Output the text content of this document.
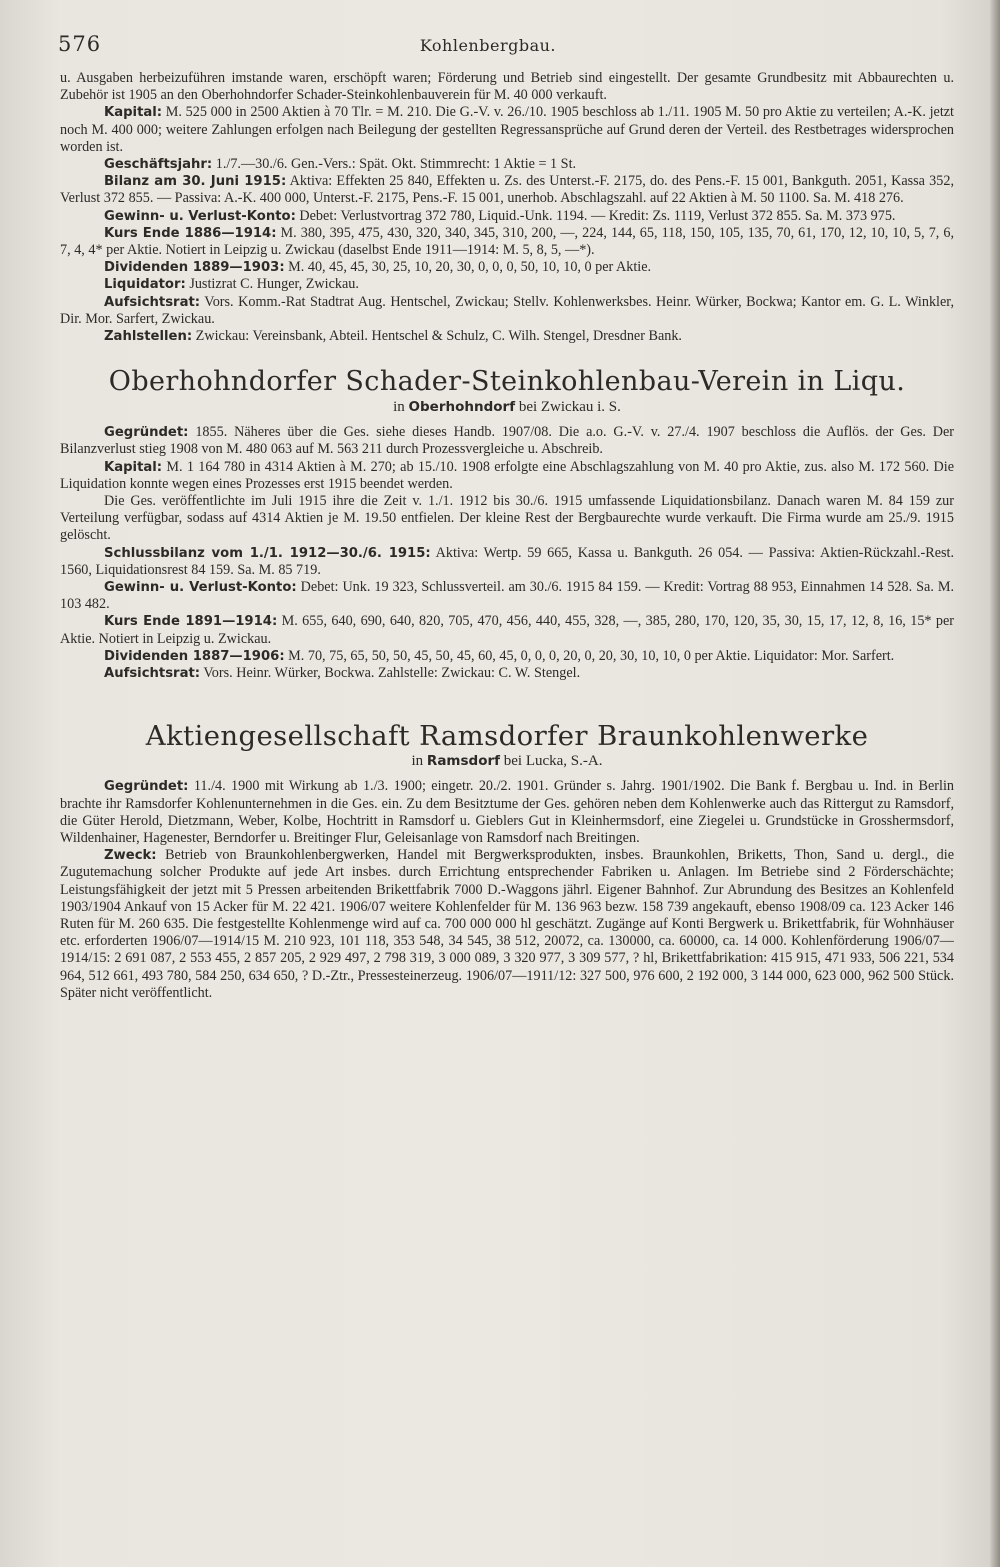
576	Kohlenbergbau.

u. Ausgaben herbeizuführen imstande waren, erschöpft waren; Förderung und Betrieb sind eingestellt. Der gesamte Grundbesitz mit Abbaurechten u. Zubehör ist 1905 an den Oberhohndorfer Schader-Steinkohlenbauverein für M. 40 000 verkauft.

Kapital: M. 525 000 in 2500 Aktien à 70 Tlr. = M. 210. Die G.-V. v. 26./10. 1905 beschloss ab 1./11. 1905 M. 50 pro Aktie zu verteilen; A.-K. jetzt noch M. 400 000; weitere Zahlungen erfolgen nach Beilegung der gestellten Regressansprüche auf Grund deren der Verteil. des Restbetrages widersprochen worden ist.

Geschäftsjahr: 1./7.—30./6. Gen.-Vers.: Spät. Okt. Stimmrecht: 1 Aktie = 1 St.

Bilanz am 30. Juni 1915: Aktiva: Effekten 25 840, Effekten u. Zs. des Unterst.-F. 2175, do. des Pens.-F. 15 001, Bankguth. 2051, Kassa 352, Verlust 372 855. — Passiva: A.-K. 400 000, Unterst.-F. 2175, Pens.-F. 15 001, unerhob. Abschlagszahl. auf 22 Aktien à M. 50 1100. Sa. M. 418 276.

Gewinn- u. Verlust-Konto: Debet: Verlustvortrag 372 780, Liquid.-Unk. 1194. — Kredit: Zs. 1119, Verlust 372 855. Sa. M. 373 975.

Kurs Ende 1886—1914: M. 380, 395, 475, 430, 320, 340, 345, 310, 200, —, 224, 144, 65, 118, 150, 105, 135, 70, 61, 170, 12, 10, 10, 5, 7, 6, 7, 4, 4* per Aktie. Notiert in Leipzig u. Zwickau (daselbst Ende 1911—1914: M. 5, 8, 5, —*).

Dividenden 1889—1903: M. 40, 45, 45, 30, 25, 10, 20, 30, 0, 0, 0, 50, 10, 10, 0 per Aktie.

Liquidator: Justizrat C. Hunger, Zwickau.

Aufsichtsrat: Vors. Komm.-Rat Stadtrat Aug. Hentschel, Zwickau; Stellv. Kohlenwerksbes. Heinr. Würker, Bockwa; Kantor em. G. L. Winkler, Dir. Mor. Sarfert, Zwickau.

Zahlstellen: Zwickau: Vereinsbank, Abteil. Hentschel & Schulz, C. Wilh. Stengel, Dresdner Bank.

Oberhohndorfer Schader-Steinkohlenbau-Verein in Liqu.
in Oberhohndorf bei Zwickau i. S.

Gegründet: 1855. Näheres über die Ges. siehe dieses Handb. 1907/08. Die a.o. G.-V. v. 27./4. 1907 beschloss die Auflös. der Ges. Der Bilanzverlust stieg 1908 von M. 480 063 auf M. 563 211 durch Prozessvergleiche u. Abschreib.

Kapital: M. 1 164 780 in 4314 Aktien à M. 270; ab 15./10. 1908 erfolgte eine Abschlagszahlung von M. 40 pro Aktie, zus. also M. 172 560. Die Liquidation konnte wegen eines Prozesses erst 1915 beendet werden.

Die Ges. veröffentlichte im Juli 1915 ihre die Zeit v. 1./1. 1912 bis 30./6. 1915 umfassende Liquidationsbilanz. Danach waren M. 84 159 zur Verteilung verfügbar, sodass auf 4314 Aktien je M. 19.50 entfielen. Der kleine Rest der Bergbaurechte wurde verkauft. Die Firma wurde am 25./9. 1915 gelöscht.

Schlussbilanz vom 1./1. 1912—30./6. 1915: Aktiva: Wertp. 59 665, Kassa u. Bankguth. 26 054. — Passiva: Aktien-Rückzahl.-Rest. 1560, Liquidationsrest 84 159. Sa. M. 85 719.

Gewinn- u. Verlust-Konto: Debet: Unk. 19 323, Schlussverteil. am 30./6. 1915 84 159. — Kredit: Vortrag 88 953, Einnahmen 14 528. Sa. M. 103 482.

Kurs Ende 1891—1914: M. 655, 640, 690, 640, 820, 705, 470, 456, 440, 455, 328, —, 385, 280, 170, 120, 35, 30, 15, 17, 12, 8, 16, 15* per Aktie. Notiert in Leipzig u. Zwickau.

Dividenden 1887—1906: M. 70, 75, 65, 50, 50, 45, 50, 45, 60, 45, 0, 0, 0, 20, 0, 20, 30, 10, 10, 0 per Aktie. Liquidator: Mor. Sarfert.

Aufsichtsrat: Vors. Heinr. Würker, Bockwa. Zahlstelle: Zwickau: C. W. Stengel.

Aktiengesellschaft Ramsdorfer Braunkohlenwerke
in Ramsdorf bei Lucka, S.-A.

Gegründet: 11./4. 1900 mit Wirkung ab 1./3. 1900; eingetr. 20./2. 1901. Gründer s. Jahrg. 1901/1902. Die Bank f. Bergbau u. Ind. in Berlin brachte ihr Ramsdorfer Kohlenunternehmen in die Ges. ein. Zu dem Besitztume der Ges. gehören neben dem Kohlenwerke auch das Rittergut zu Ramsdorf, die Güter Herold, Dietzmann, Weber, Kolbe, Hochtritt in Ramsdorf u. Gieblers Gut in Kleinhermsdorf, eine Ziegelei u. Grundstücke in Grosshermsdorf, Wildenhainer, Hagenester, Berndorfer u. Breitinger Flur, Geleisanlage von Ramsdorf nach Breitingen.

Zweck: Betrieb von Braunkohlenbergwerken, Handel mit Bergwerksprodukten, insbes. Braunkohlen, Briketts, Thon, Sand u. dergl., die Zugutemachung solcher Produkte auf jede Art insbes. durch Errichtung entsprechender Fabriken u. Anlagen. Im Betriebe sind 2 Förderschächte; Leistungsfähigkeit der jetzt mit 5 Pressen arbeitenden Brikettfabrik 7000 D.-Waggons jährl. Eigener Bahnhof. Zur Abrundung des Besitzes an Kohlenfeld 1903/1904 Ankauf von 15 Acker für M. 22 421. 1906/07 weitere Kohlenfelder für M. 136 963 bezw. 158 739 angekauft, ebenso 1908/09 ca. 123 Acker 146 Ruten für M. 260 635. Die festgestellte Kohlenmenge wird auf ca. 700 000 000 hl geschätzt. Zugänge auf Konti Bergwerk u. Brikettfabrik, für Wohnhäuser etc. erforderten 1906/07—1914/15 M. 210 923, 101 118, 353 548, 34 545, 38 512, 20072, ca. 130000, ca. 60000, ca. 14 000. Kohlenförderung 1906/07—1914/15: 2 691 087, 2 553 455, 2 857 205, 2 929 497, 2 798 319, 3 000 089, 3 320 977, 3 309 577, ? hl, Brikettfabrikation: 415 915, 471 933, 506 221, 534 964, 512 661, 493 780, 584 250, 634 650, ? D.-Ztr., Pressesteinerzeug. 1906/07—1911/12: 327 500, 976 600, 2 192 000, 3 144 000, 623 000, 962 500 Stück. Später nicht veröffentlicht.
